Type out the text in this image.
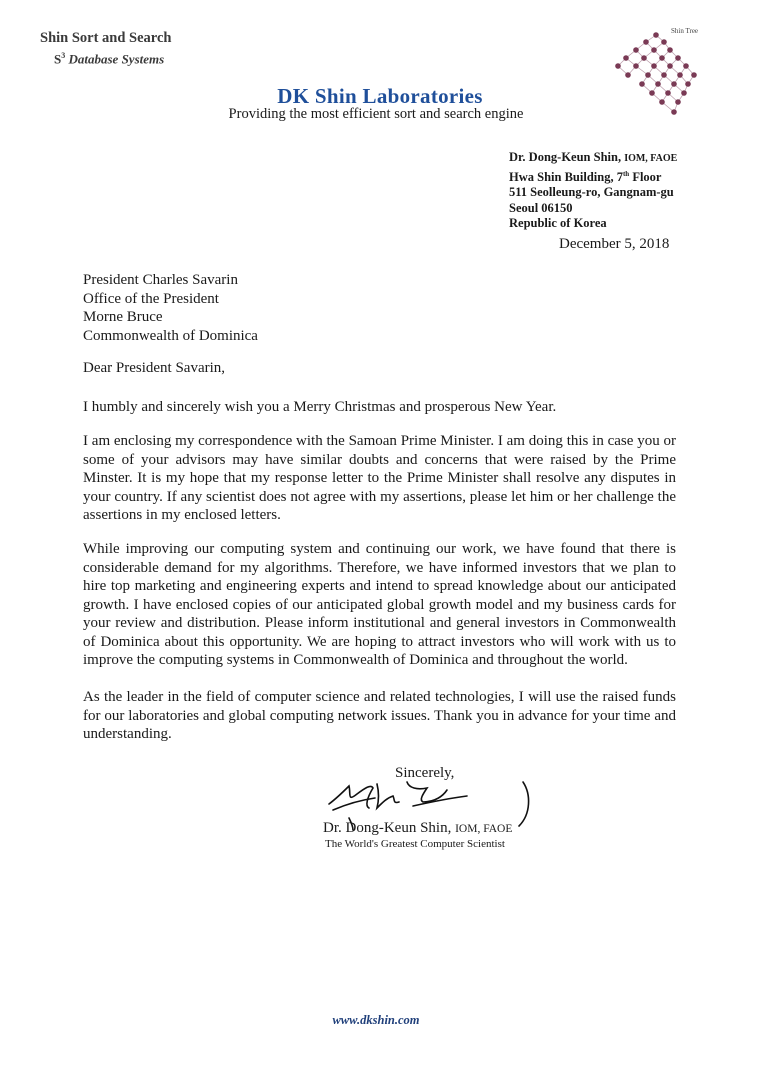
Shin Sort and Search
$S^3$ Database Systems
DK Shin Laboratories
Providing the most efficient sort and search engine
Shin Tree
Dr. Dong-Keun Shin, IOM, FAOE
Hwa Shin Building, 7th Floor
511 Seolleung-ro, Gangnam-gu
Seoul 06150
Republic of Korea
December 5, 2018
President Charles Savarin
Office of the President
Morne Bruce
Commonwealth of Dominica
Dear President Savarin,
I humbly and sincerely wish you a Merry Christmas and prosperous New Year.
I am enclosing my correspondence with the Samoan Prime Minister. I am doing this in case you or some of your advisors may have similar doubts and concerns that were raised by the Prime Minster. It is my hope that my response letter to the Prime Minister shall resolve any disputes in your country. If any scientist does not agree with my assertions, please let him or her challenge the assertions in my enclosed letters.
While improving our computing system and continuing our work, we have found that there is considerable demand for my algorithms. Therefore, we have informed investors that we plan to hire top marketing and engineering experts and intend to spread knowledge about our anticipated growth. I have enclosed copies of our anticipated global growth model and my business cards for your review and distribution. Please inform institutional and general investors in Commonwealth of Dominica about this opportunity. We are hoping to attract investors who will work with us to improve the computing systems in Commonwealth of Dominica and throughout the world.
As the leader in the field of computer science and related technologies, I will use the raised funds for our laboratories and global computing network issues. Thank you in advance for your time and understanding.
Sincerely,
Dr. Dong-Keun Shin, IOM, FAOE
The World's Greatest Computer Scientist
www.dkshin.com
